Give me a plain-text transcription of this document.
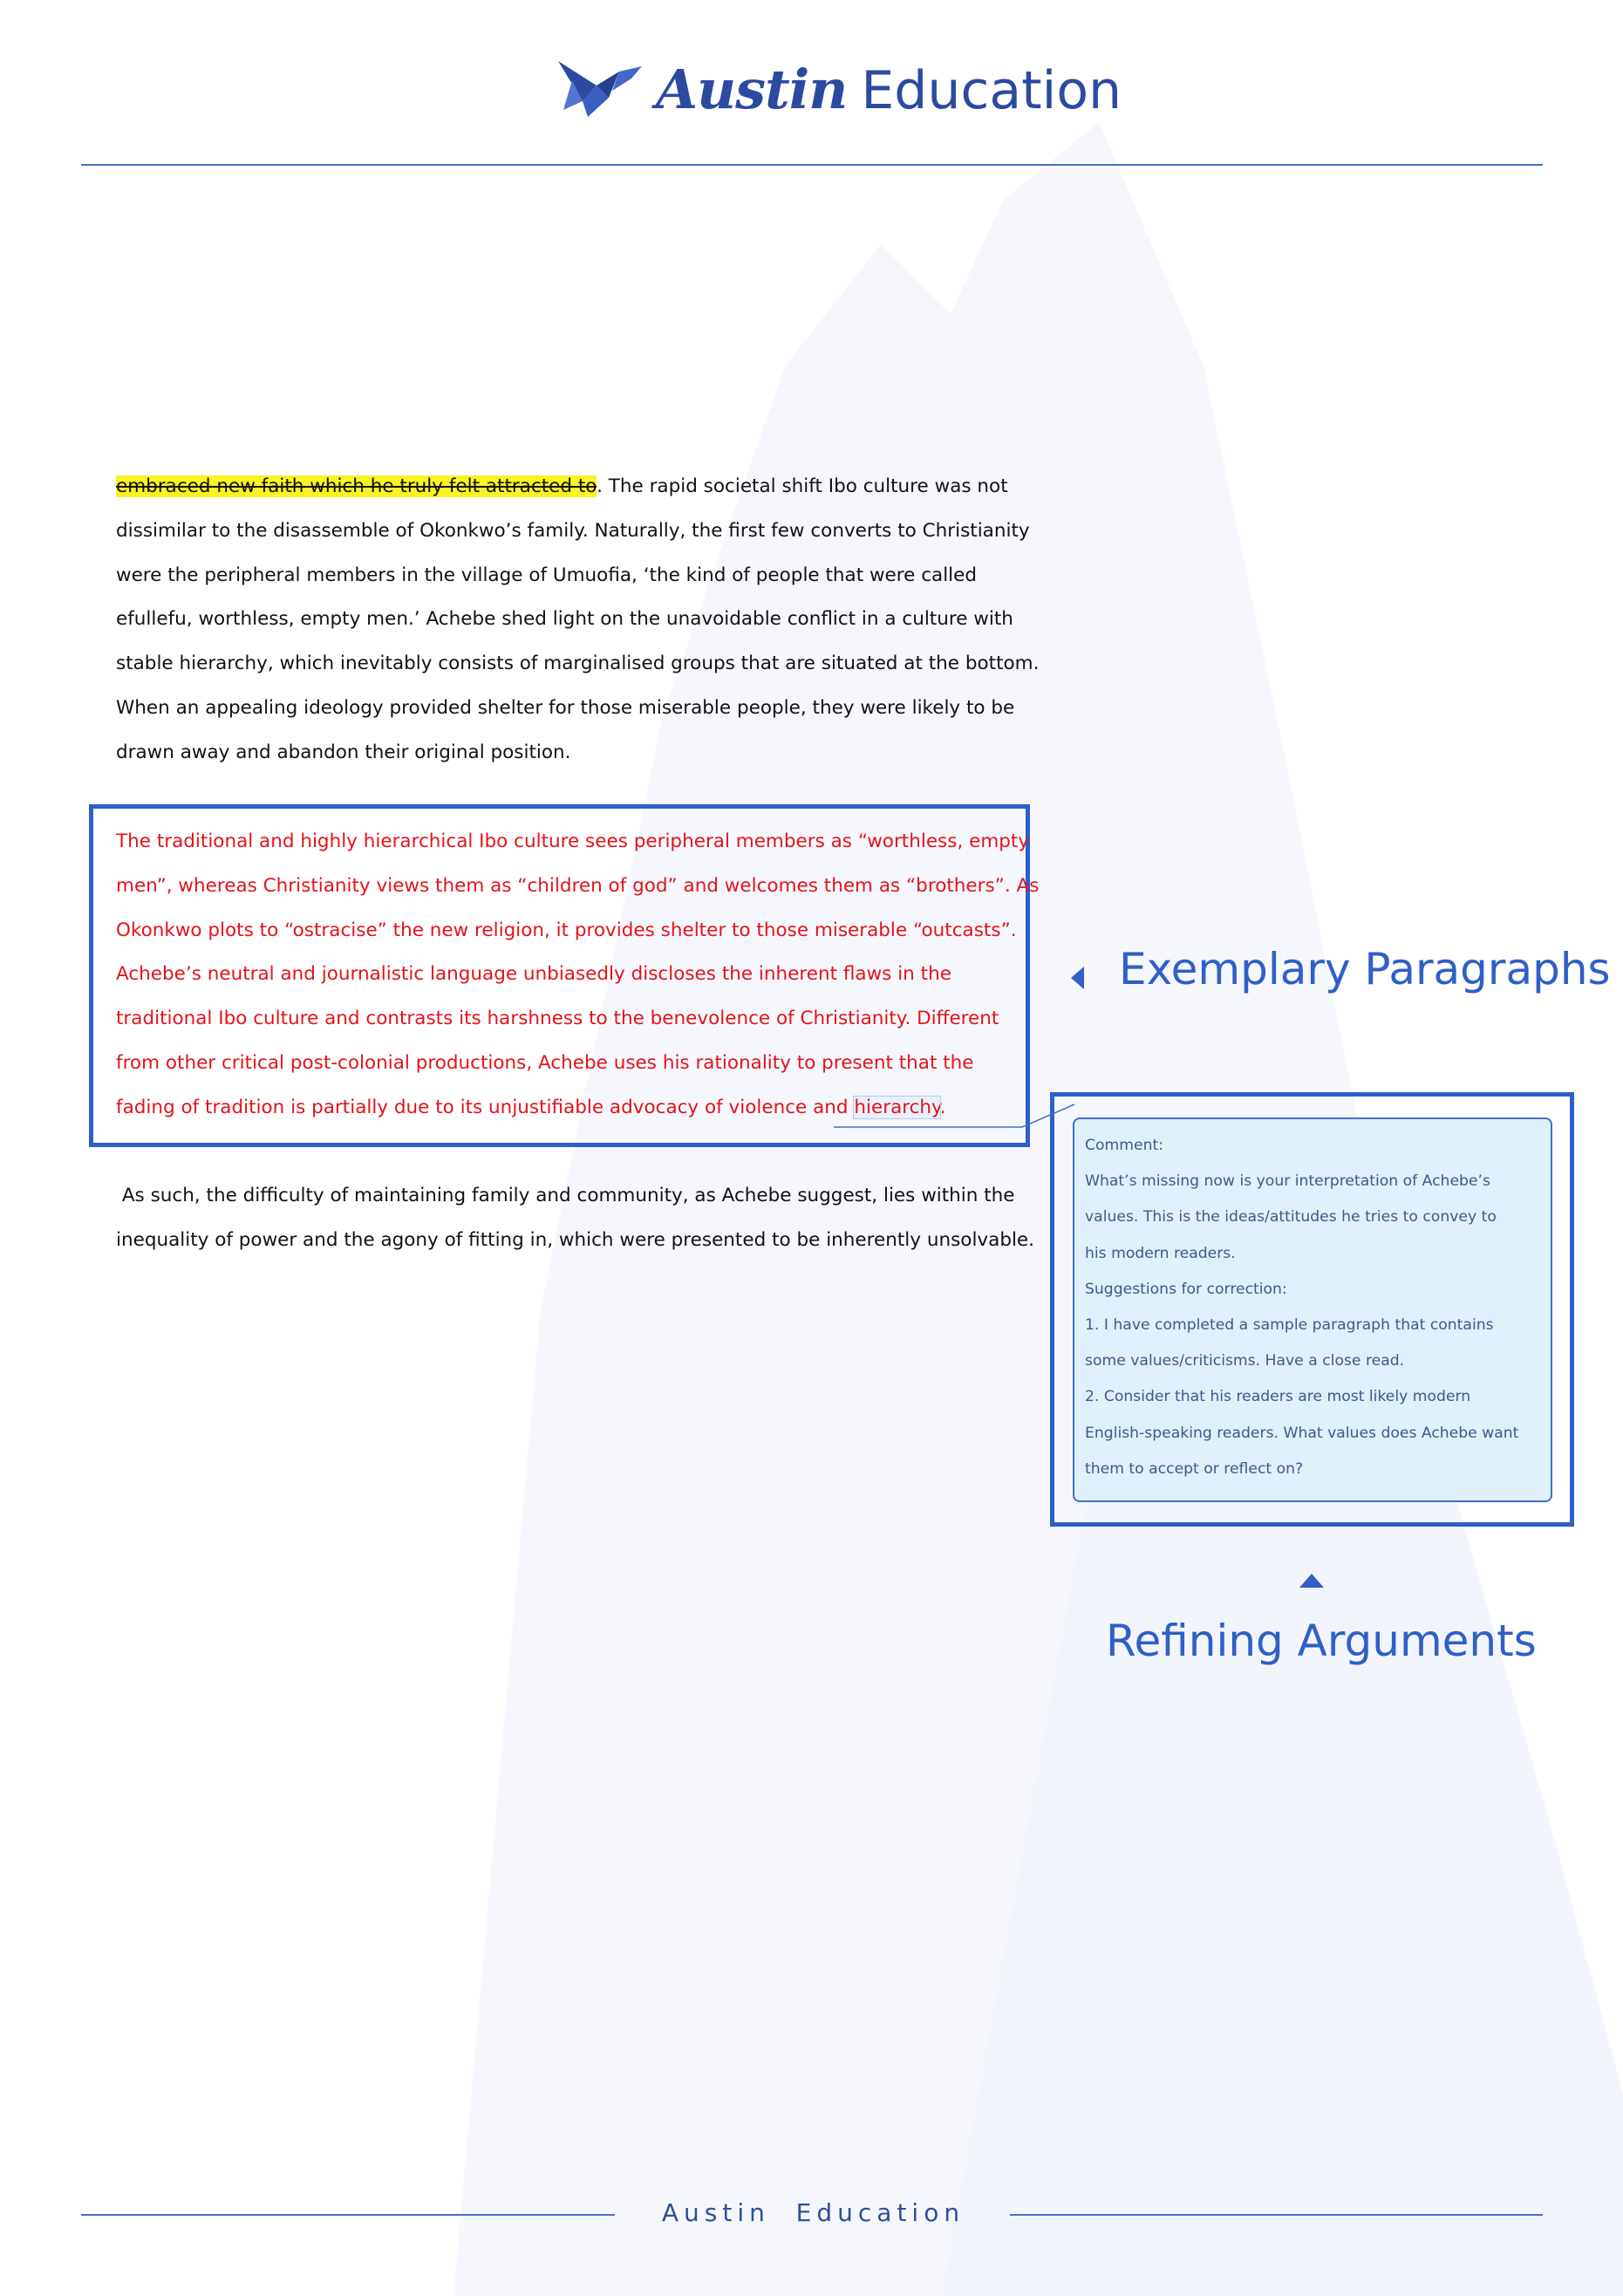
Austin Education
embraced new faith which he truly felt attracted to. The rapid societal shift Ibo culture was not
dissimilar to the disassemble of Okonkwo’s family. Naturally, the first few converts to Christianity
were the peripheral members in the village of Umuofia, ‘the kind of people that were called
efullefu, worthless, empty men.’ Achebe shed light on the unavoidable conflict in a culture with
stable hierarchy, which inevitably consists of marginalised groups that are situated at the bottom.
When an appealing ideology provided shelter for those miserable people, they were likely to be
drawn away and abandon their original position.
The traditional and highly hierarchical Ibo culture sees peripheral members as “worthless, empty
men”, whereas Christianity views them as “children of god” and welcomes them as “brothers”. As
Okonkwo plots to “ostracise” the new religion, it provides shelter to those miserable “outcasts”.
Achebe’s neutral and journalistic language unbiasedly discloses the inherent flaws in the
traditional Ibo culture and contrasts its harshness to the benevolence of Christianity. Different
from other critical post-colonial productions, Achebe uses his rationality to present that the
fading of tradition is partially due to its unjustifiable advocacy of violence and hierarchy.
As such, the difficulty of maintaining family and community, as Achebe suggest, lies within the
inequality of power and the agony of fitting in, which were presented to be inherently unsolvable.
Comment:
What’s missing now is your interpretation of Achebe’s
values. This is the ideas/attitudes he tries to convey to
his modern readers.
Suggestions for correction:
1. I have completed a sample paragraph that contains
some values/criticisms. Have a close read.
2. Consider that his readers are most likely modern
English-speaking readers. What values does Achebe want
them to accept or reflect on?
Exemplary Paragraphs
Refining Arguments
Austin  Education
